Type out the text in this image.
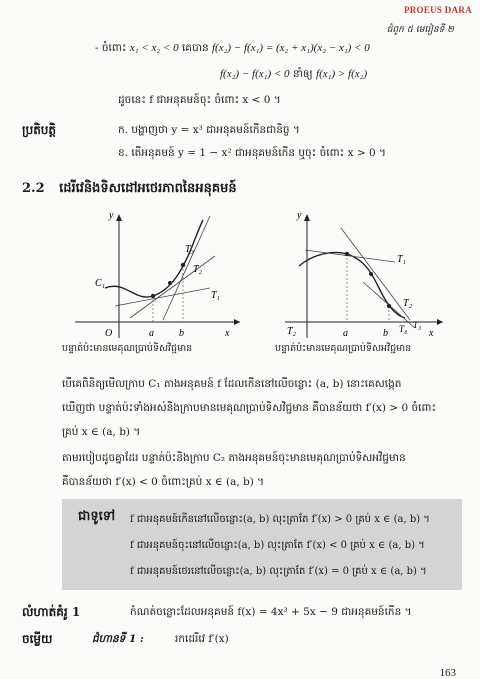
PROEUS DARA
ជំពូក ៥ មេរៀនទី ២
- ចំពោះ x₁ < x₂ < 0 គេបាន f(x₂) − f(x₁) = (x₂ + x₁)(x₂ − x₁) < 0
f(x₂) − f(x₁) < 0 នាំឲ្យ f(x₁) > f(x₂)
ដូចនេះ f ជាអនុគមន៍ចុះ ចំពោះ x < 0 ។
ប្រតិបត្តិ	ក. បង្ហាញថា y = x³ ជាអនុគមន៍កើនជានិច្ច ។
ខ. តើអនុគមន៍ y = 1 − x² ជាអនុគមន៍កើន ឬចុះ ចំពោះ x > 0 ។
2.2 ដេរីវេនិងទិសដៅអថេរភាពនៃអនុគមន៍
y
x
O	a	b
C₁
T₁
T₂
T₃
បន្ទាត់ប៉ះមានមេគុណប្រាប់ទិសវិជ្ជមាន
y
x
T₂	a	b
T₁
T₂
T₄ T₃
បន្ទាត់ប៉ះមានមេគុណប្រាប់ទិសអវិជ្ជមាន
បើគេពិនិត្យមើលក្រាប C₁ តាងអនុគមន៍ f ដែលកើននៅលើចន្លោះ (a, b) នោះគេសង្កេត
ឃើញថា បន្ទាត់ប៉ះទាំងអស់និងក្រាបមានមេគុណប្រាប់ទិសវិជ្ជមាន គឺបានន័យថា f′(x) > 0 ចំពោះ
គ្រប់ x ∈ (a, b) ។
តាមរបៀបដូចគ្នាដែរ បន្ទាត់ប៉ះនិងក្រាប C₂ តាងអនុគមន៍ចុះមានមេគុណប្រាប់ទិសអវិជ្ជមាន
គឺបានន័យថា f′(x) < 0 ចំពោះគ្រប់ x ∈ (a, b) ។
ជាទូទៅ f ជាអនុគមន៍កើននៅលើចន្លោះ(a, b) លុះត្រាតែ f′(x) > 0 គ្រប់ x ∈ (a, b) ។
f ជាអនុគមន៍ចុះនៅលើចន្លោះ(a, b) លុះត្រាតែ f′(x) < 0 គ្រប់ x ∈ (a, b) ។
f ជាអនុគមន៍ថេរនៅលើចន្លោះ(a, b) លុះត្រាតែ f′(x) = 0 គ្រប់ x ∈ (a, b) ។
លំហាត់គំរូ 1	កំណត់ចន្លោះដែលអនុគមន៍ f(x) = 4x³ + 5x − 9 ជាអនុគមន៍កើន ។
ចម្លើយ	ជំហានទី 1 :	រកដេរីវេ f′(x)
163
